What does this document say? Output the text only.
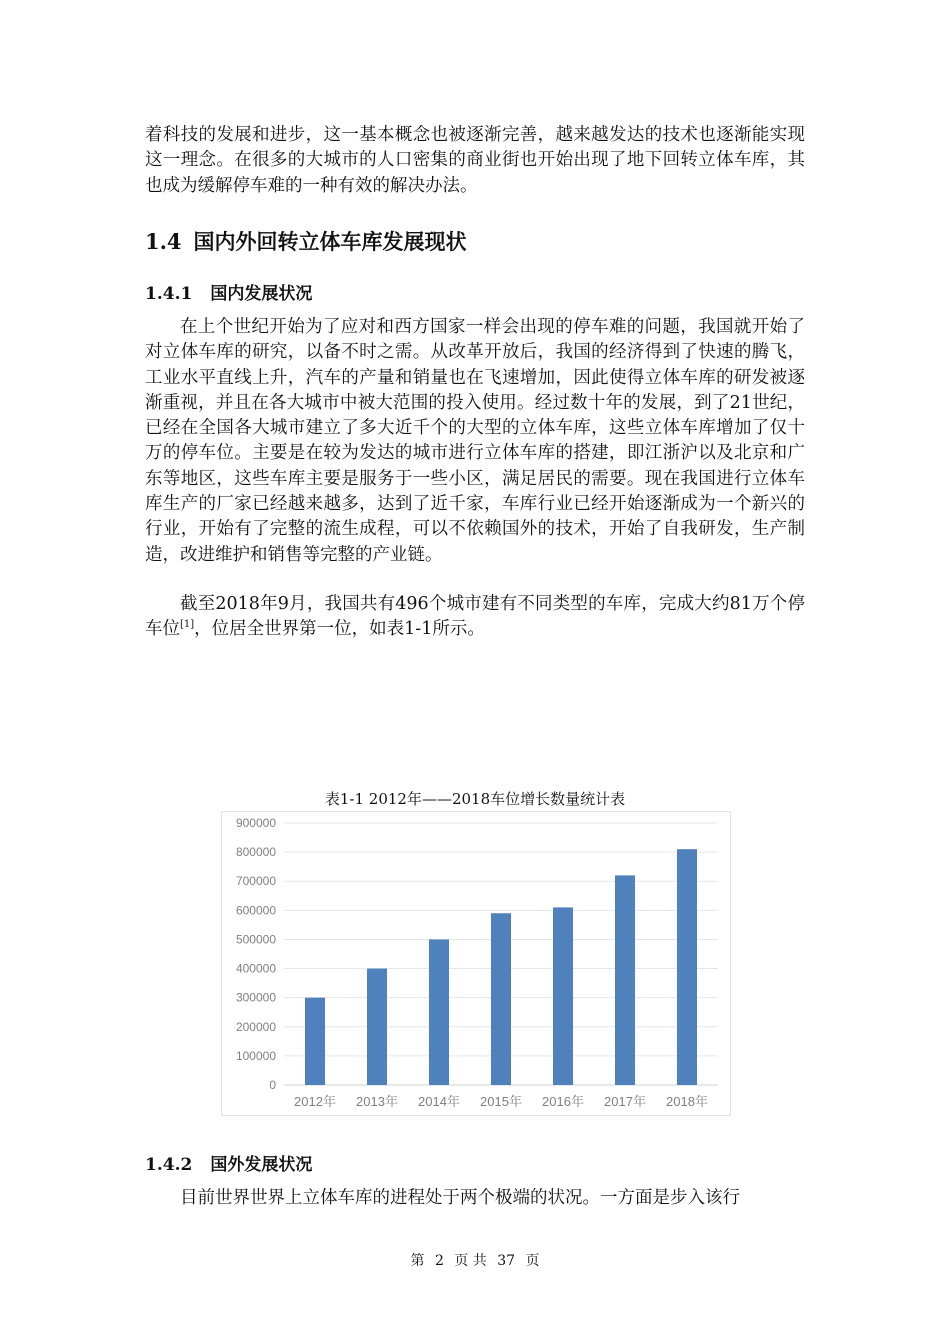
着科技的发展和进步，这一基本概念也被逐渐完善，越来越发达的技术也逐渐能实现这一理念。在很多的大城市的人口密集的商业街也开始出现了地下回转立体车库，其也成为缓解停车难的一种有效的解决办法。

1.4 国内外回转立体车库发展现状
1.4.1 国内发展状况

在上个世纪开始为了应对和西方国家一样会出现的停车难的问题，我国就开始了对立体车库的研究，以备不时之需。从改革开放后，我国的经济得到了快速的腾飞，工业水平直线上升，汽车的产量和销量也在飞速增加，因此使得立体车库的研发被逐渐重视，并且在各大城市中被大范围的投入使用。经过数十年的发展，到了21世纪，已经在全国各大城市建立了多大近千个的大型的立体车库，这些立体车库增加了仅十万的停车位。主要是在较为发达的城市进行立体车库的搭建，即江浙沪以及北京和广东等地区，这些车库主要是服务于一些小区，满足居民的需要。现在我国进行立体车库生产的厂家已经越来越多，达到了近千家，车库行业已经开始逐渐成为一个新兴的行业，开始有了完整的流生成程，可以不依赖国外的技术，开始了自我研发，生产制造，改进维护和销售等完整的产业链。

截至2018年9月，我国共有496个城市建有不同类型的车库，完成大约81万个停车位[1]，位居全世界第一位，如表1-1所示。

表1-1 2012年——2018车位增长数量统计表
0
100000
200000
300000
400000
500000
600000
700000
800000
900000
2012年 2013年 2014年 2015年 2016年 2017年 2018年
1.4.2 国外发展状况

目前世界世界上立体车库的进程处于两个极端的状况。一方面是步入该行

第 2 页 共 37 页
